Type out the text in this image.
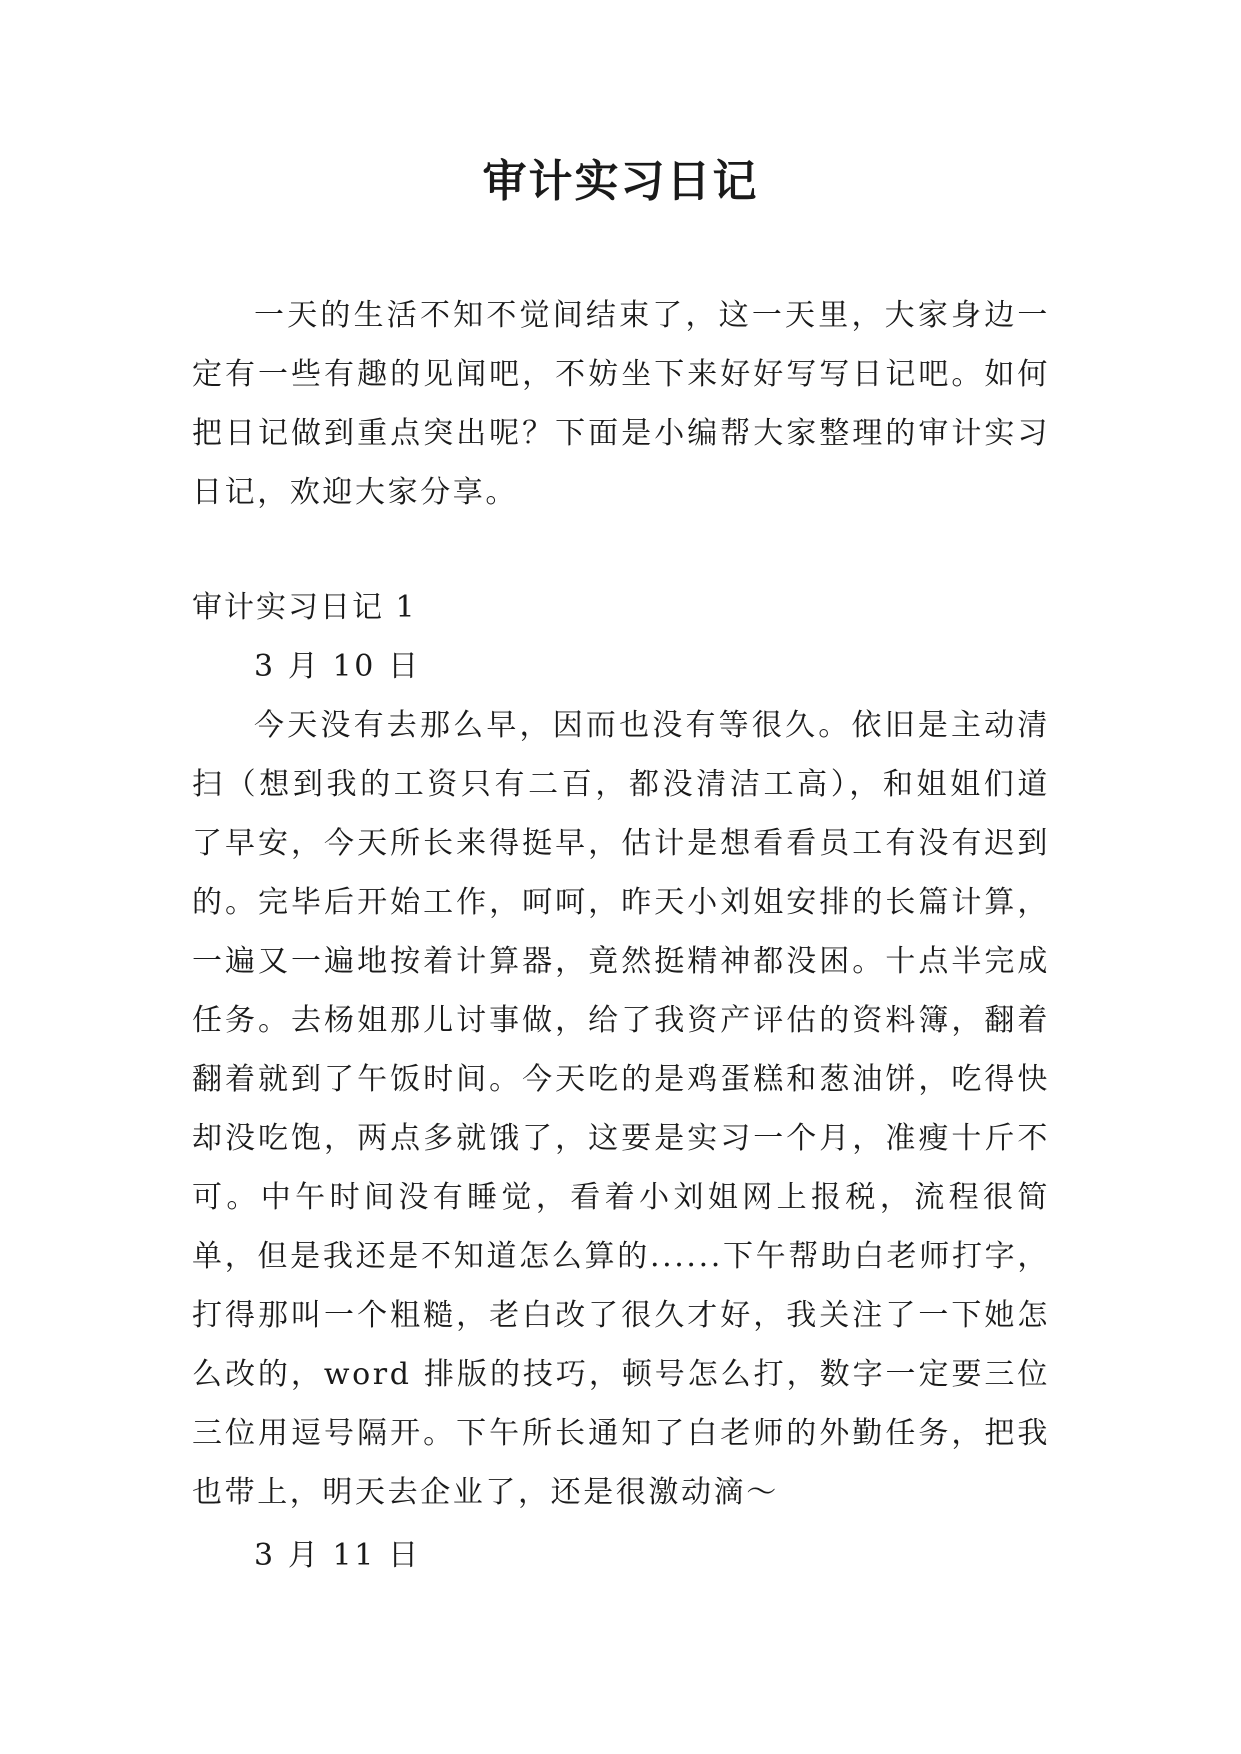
审计实习日记

一天的生活不知不觉间结束了，这一天里，大家身边一定有一些有趣的见闻吧，不妨坐下来好好写写日记吧。如何把日记做到重点突出呢？下面是小编帮大家整理的审计实习日记，欢迎大家分享。

审计实习日记 1

3 月 10 日

今天没有去那么早，因而也没有等很久。依旧是主动清扫（想到我的工资只有二百，都没清洁工高），和姐姐们道了早安，今天所长来得挺早，估计是想看看员工有没有迟到的。完毕后开始工作，呵呵，昨天小刘姐安排的长篇计算，一遍又一遍地按着计算器，竟然挺精神都没困。十点半完成任务。去杨姐那儿讨事做，给了我资产评估的资料簿，翻着翻着就到了午饭时间。今天吃的是鸡蛋糕和葱油饼，吃得快却没吃饱，两点多就饿了，这要是实习一个月，准瘦十斤不可。中午时间没有睡觉，看着小刘姐网上报税，流程很简单，但是我还是不知道怎么算的......下午帮助白老师打字，打得那叫一个粗糙，老白改了很久才好，我关注了一下她怎么改的，word 排版的技巧，顿号怎么打，数字一定要三位三位用逗号隔开。下午所长通知了白老师的外勤任务，把我也带上，明天去企业了，还是很激动滴～

3 月 11 日
